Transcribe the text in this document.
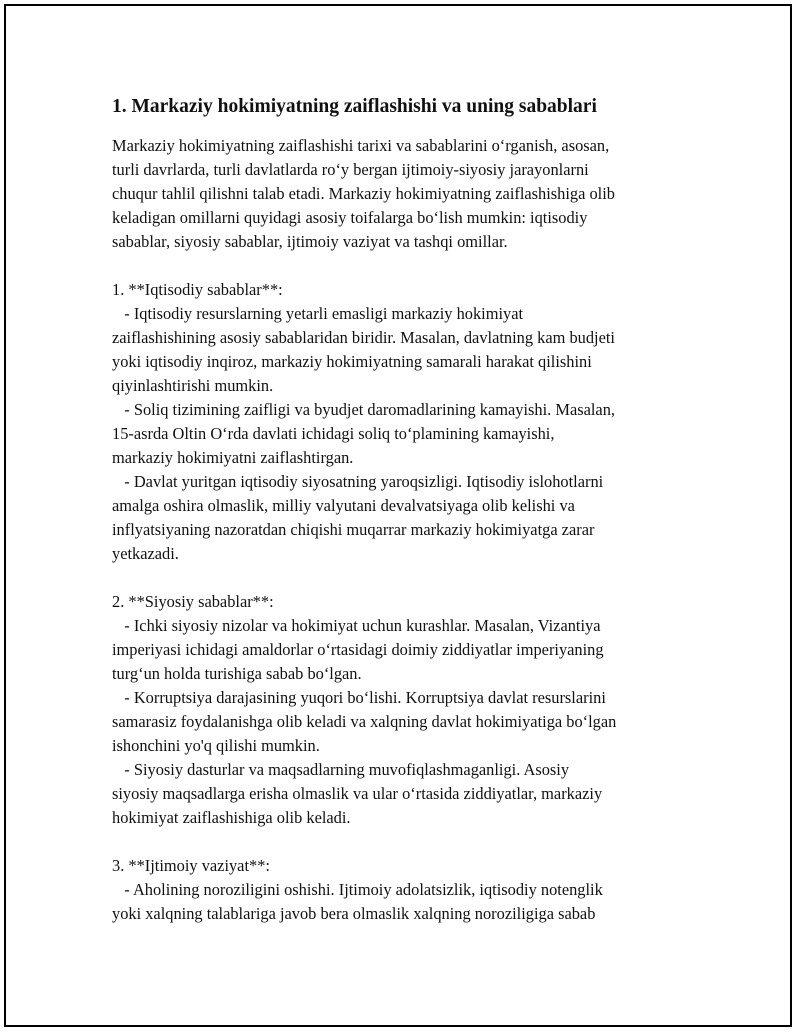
1. Markaziy hokimiyatning zaiflashishi va uning sabablari
Markaziy hokimiyatning zaiflashishi tarixi va sabablarini o‘rganish, asosan,
turli davrlarda, turli davlatlarda ro‘y bergan ijtimoiy-siyosiy jarayonlarni
chuqur tahlil qilishni talab etadi. Markaziy hokimiyatning zaiflashishiga olib
keladigan omillarni quyidagi asosiy toifalarga bo‘lish mumkin: iqtisodiy
sabablar, siyosiy sabablar, ijtimoiy vaziyat va tashqi omillar.
1. **Iqtisodiy sabablar**:
- Iqtisodiy resurslarning yetarli emasligi markaziy hokimiyat
zaiflashishining asosiy sabablaridan biridir. Masalan, davlatning kam budjeti
yoki iqtisodiy inqiroz, markaziy hokimiyatning samarali harakat qilishini
qiyinlashtirishi mumkin.
- Soliq tizimining zaifligi va byudjet daromadlarining kamayishi. Masalan,
15-asrda Oltin O‘rda davlati ichidagi soliq to‘plamining kamayishi,
markaziy hokimiyatni zaiflashtirgan.
- Davlat yuritgan iqtisodiy siyosatning yaroqsizligi. Iqtisodiy islohotlarni
amalga oshira olmaslik, milliy valyutani devalvatsiyaga olib kelishi va
inflyatsiyaning nazoratdan chiqishi muqarrar markaziy hokimiyatga zarar
yetkazadi.
2. **Siyosiy sabablar**:
- Ichki siyosiy nizolar va hokimiyat uchun kurashlar. Masalan, Vizantiya
imperiyasi ichidagi amaldorlar o‘rtasidagi doimiy ziddiyatlar imperiyaning
turg‘un holda turishiga sabab bo‘lgan.
- Korruptsiya darajasining yuqori bo‘lishi. Korruptsiya davlat resurslarini
samarasiz foydalanishga olib keladi va xalqning davlat hokimiyatiga bo‘lgan
ishonchini yo'q qilishi mumkin.
- Siyosiy dasturlar va maqsadlarning muvofiqlashmaganligi. Asosiy
siyosiy maqsadlarga erisha olmaslik va ular o‘rtasida ziddiyatlar, markaziy
hokimiyat zaiflashishiga olib keladi.
3. **Ijtimoiy vaziyat**:
- Aholining noroziligini oshishi. Ijtimoiy adolatsizlik, iqtisodiy notenglik
yoki xalqning talablariga javob bera olmaslik xalqning noroziligiga sabab
